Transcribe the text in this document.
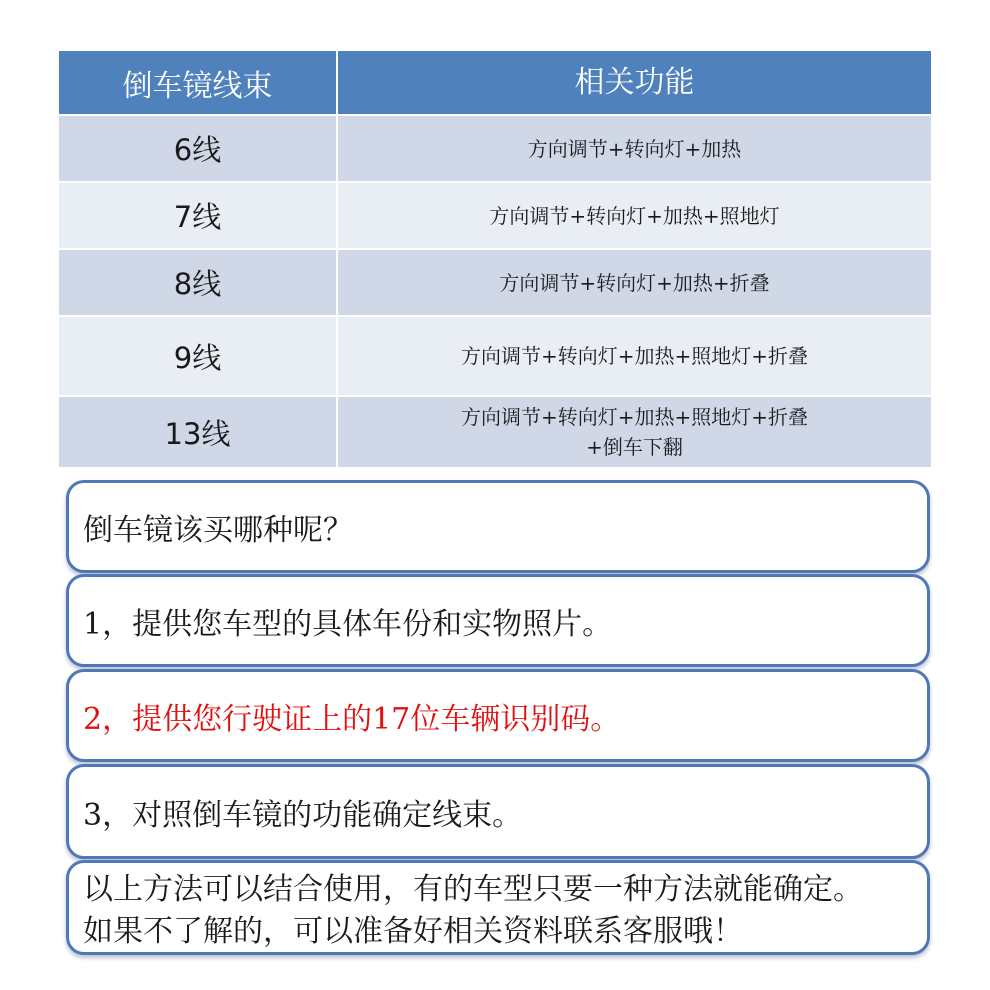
倒车镜线束	相关功能
6线	方向调节+转向灯+加热
7线	方向调节+转向灯+加热+照地灯
8线	方向调节+转向灯+加热+折叠
9线	方向调节+转向灯+加热+照地灯+折叠
13线	方向调节+转向灯+加热+照地灯+折叠
+倒车下翻
倒车镜该买哪种呢？
1，提供您车型的具体年份和实物照片。
2，提供您行驶证上的17位车辆识别码。
3，对照倒车镜的功能确定线束。
以上方法可以结合使用，有的车型只要一种方法就能确定。
如果不了解的，可以准备好相关资料联系客服哦！
